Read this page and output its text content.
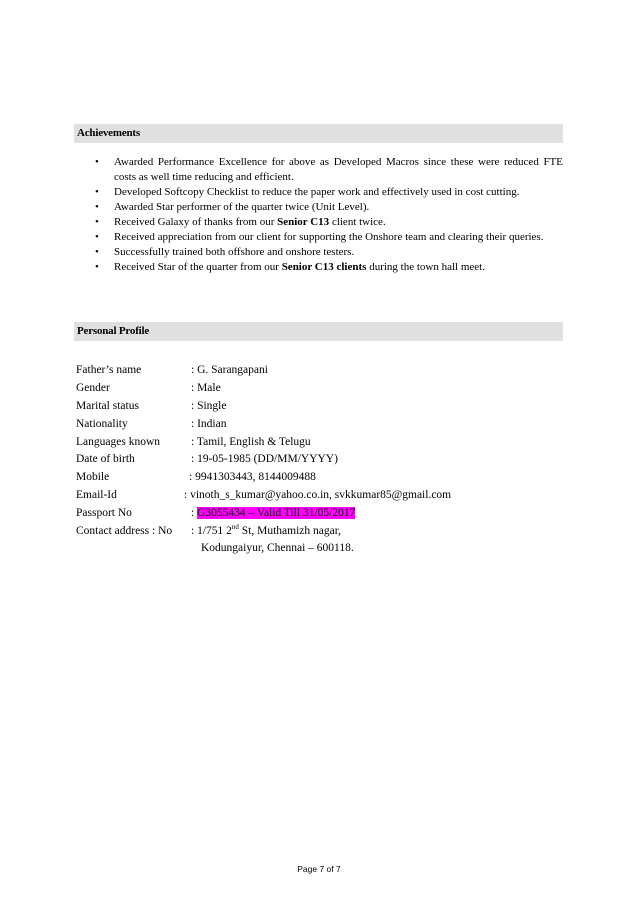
Achievements
• Awarded Performance Excellence for above as Developed Macros since these were reduced FTE costs as well time reducing and efficient.
• Developed Softcopy Checklist to reduce the paper work and effectively used in cost cutting.
• Awarded Star performer of the quarter twice (Unit Level).
• Received Galaxy of thanks from our Senior C13 client twice.
• Received appreciation from our client for supporting the Onshore team and clearing their queries.
• Successfully trained both offshore and onshore testers.
• Received Star of the quarter from our Senior C13 clients during the town hall meet.
Personal Profile
Father’s name	: G. Sarangapani
Gender	: Male
Marital status	: Single
Nationality	: Indian
Languages known	: Tamil, English & Telugu
Date of birth	: 19-05-1985 (DD/MM/YYYY)
Mobile	: 9941303443, 8144009488
Email-Id	: vinoth_s_kumar@yahoo.co.in, svkkumar85@gmail.com
Passport No	: G3055434 – Valid Till 31/05/2017
Contact address : No : 1/751 2nd St, Muthamizh nagar,
Kodungaiyur, Chennai – 600118.
Page 7 of 7
